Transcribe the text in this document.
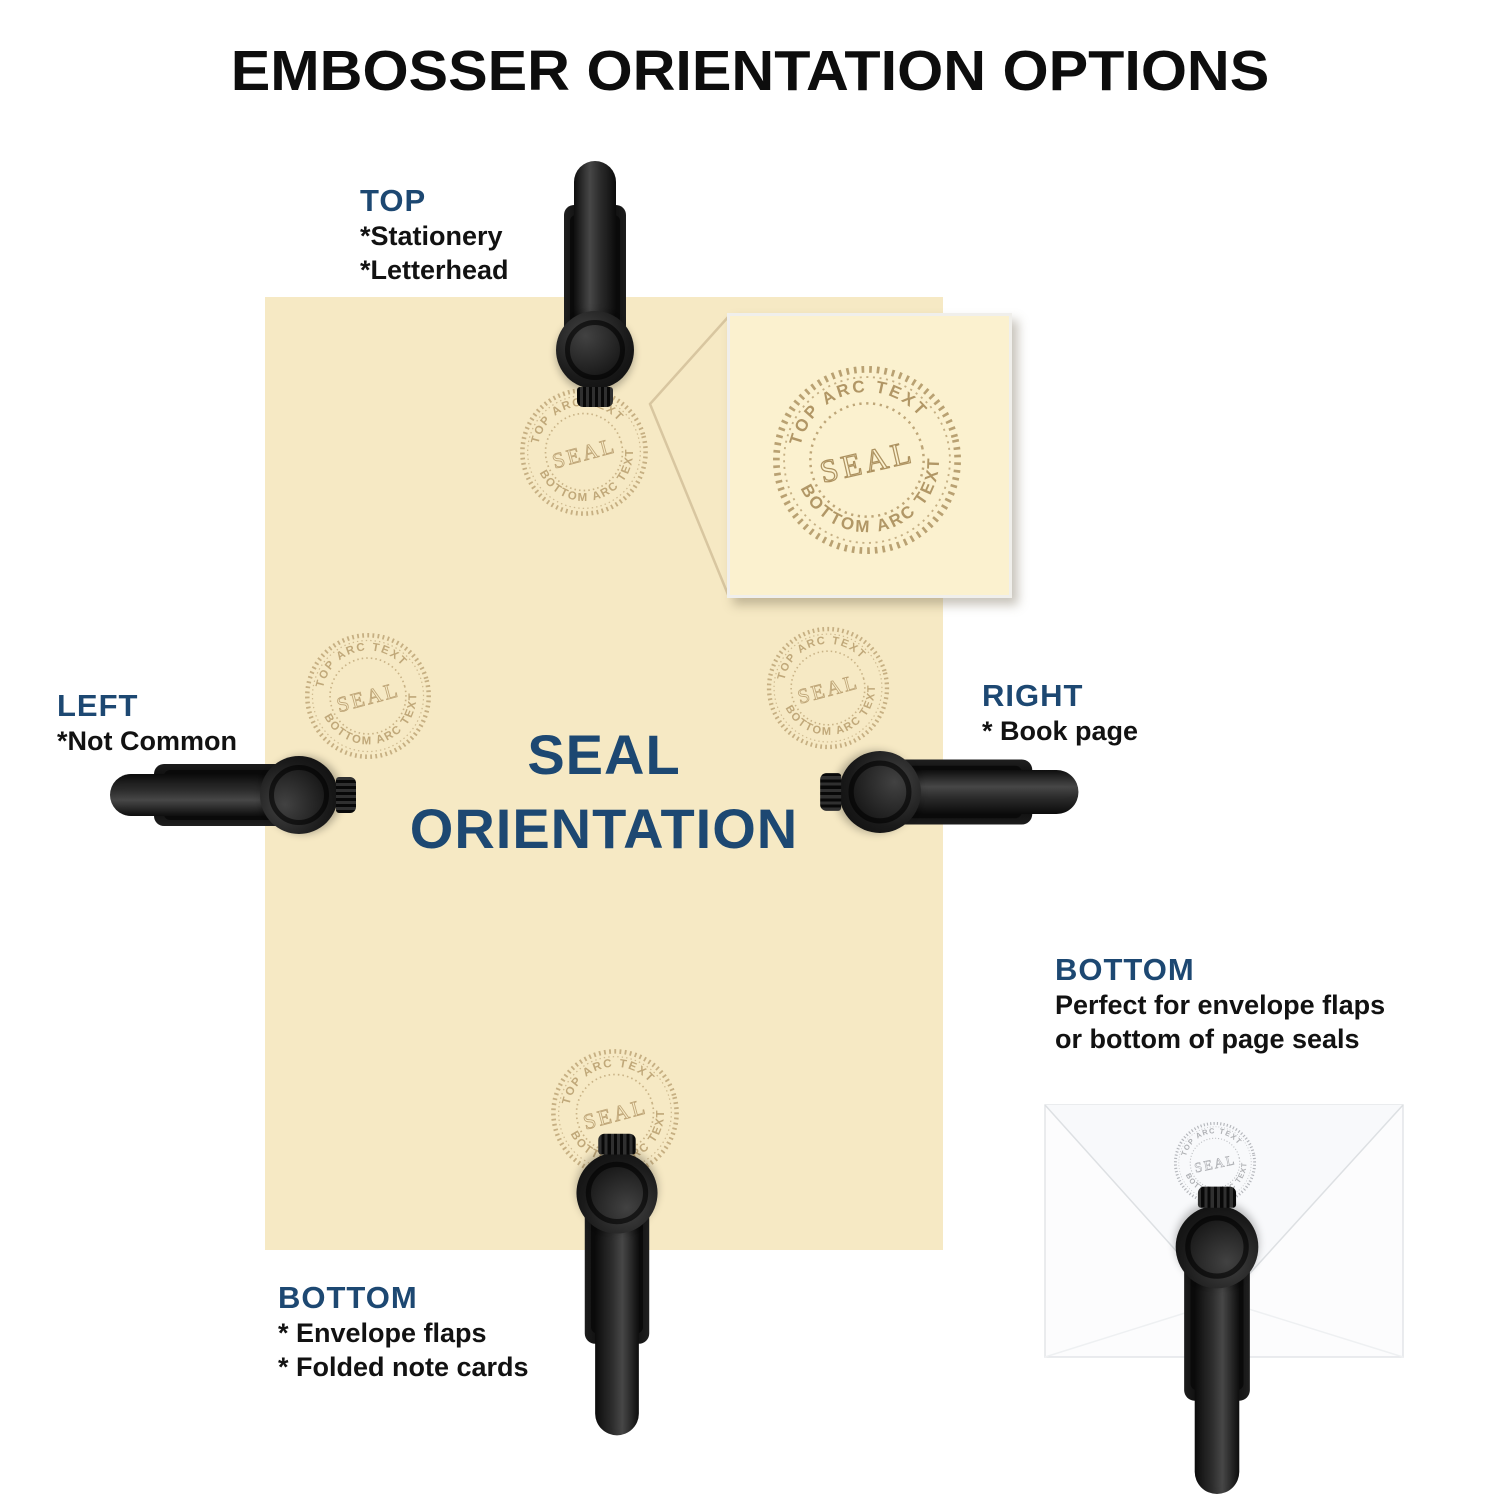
EMBOSSER ORIENTATION OPTIONS
SEAL
ORIENTATION
TOP
*Stationery
*Letterhead
LEFT
*Not Common
RIGHT
* Book page
BOTTOM
* Envelope flaps
* Folded note cards
BOTTOM
Perfect for envelope flaps
or bottom of page seals
